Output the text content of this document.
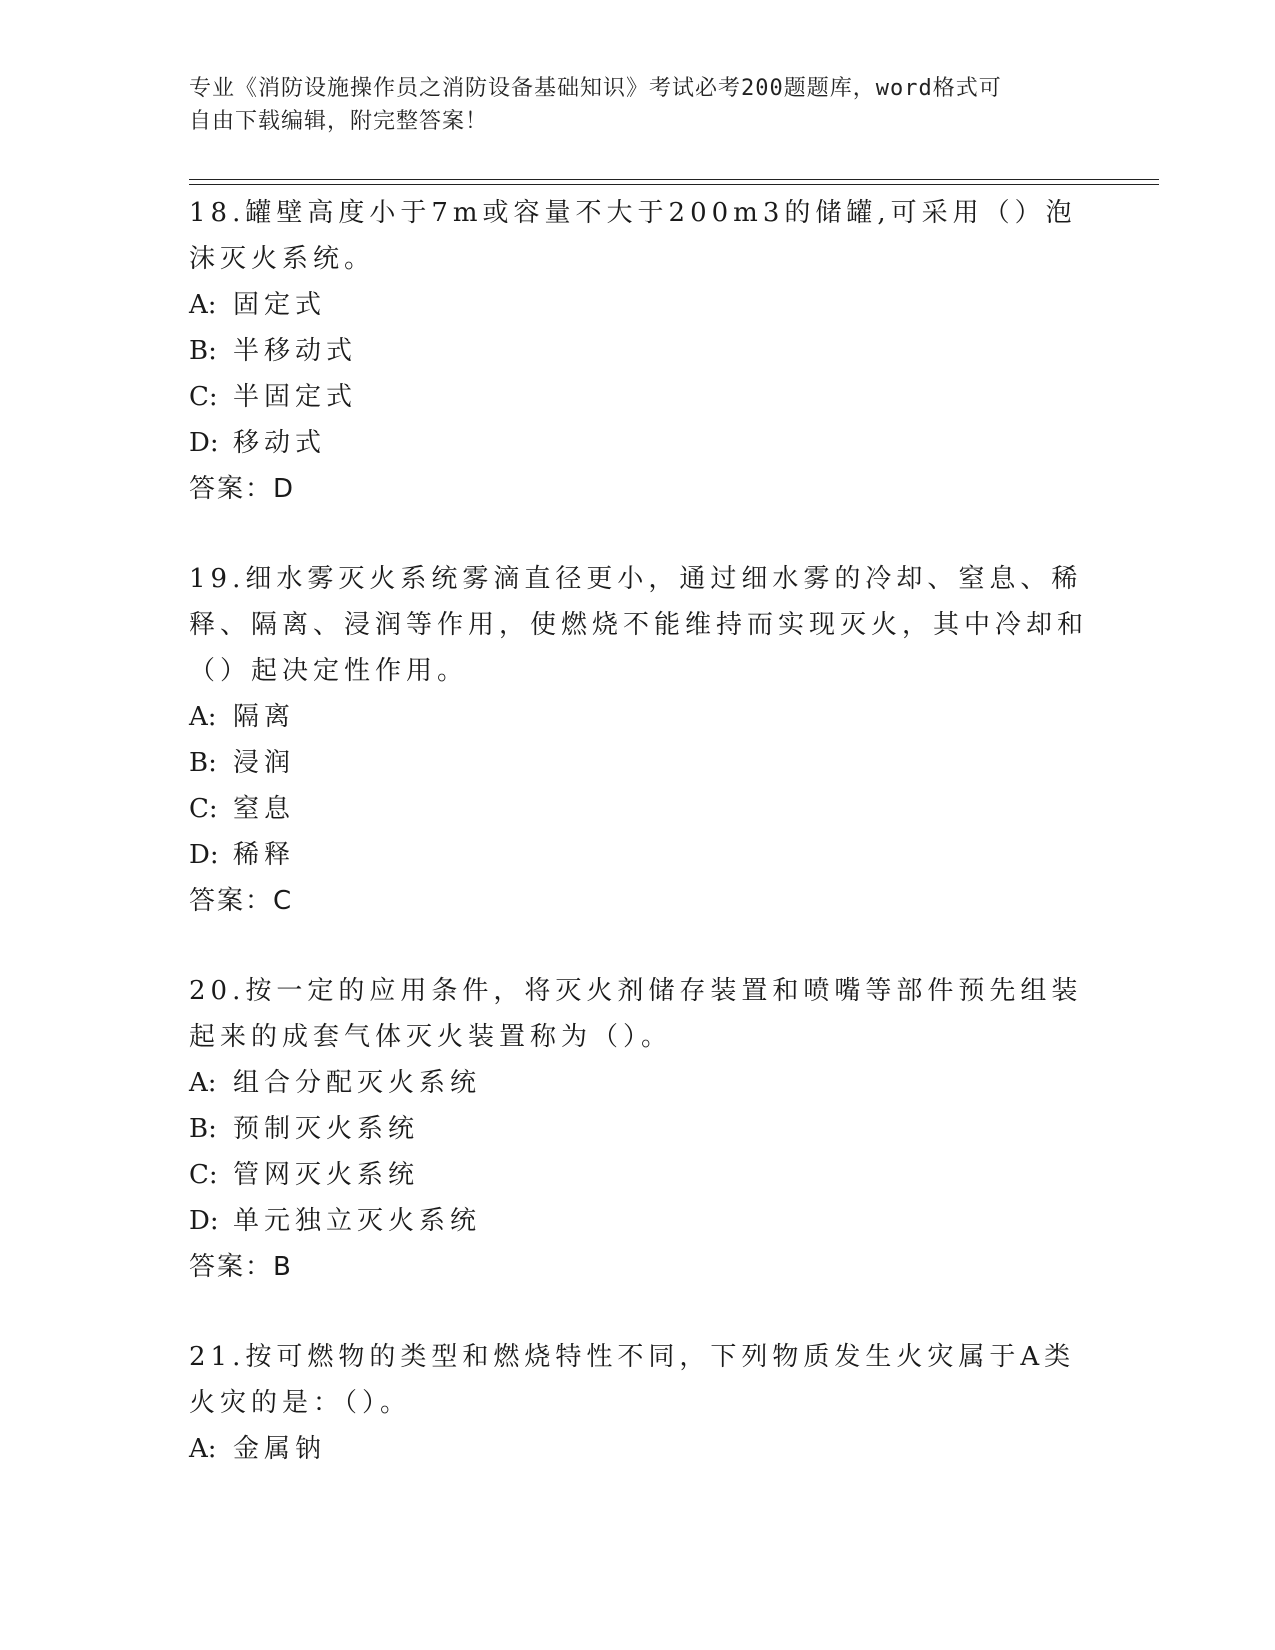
专业《消防设施操作员之消防设备基础知识》考试必考200题题库，word格式可
自由下载编辑，附完整答案！

18.罐壁高度小于7m或容量不大于200m3的储罐,可采用（）泡沫灭火系统。

A: 固定式

B: 半移动式

C: 半固定式

D: 移动式

答案：D

19.细水雾灭火系统雾滴直径更小，通过细水雾的冷却、窒息、稀释、隔离、浸润等作用，使燃烧不能维持而实现灭火，其中冷却和（）起决定性作用。

A: 隔离

B: 浸润

C: 窒息

D: 稀释

答案：C

20.按一定的应用条件，将灭火剂储存装置和喷嘴等部件预先组装起来的成套气体灭火装置称为（）。

A: 组合分配灭火系统

B: 预制灭火系统

C: 管网灭火系统

D: 单元独立灭火系统

答案：B

21.按可燃物的类型和燃烧特性不同，下列物质发生火灾属于A类火灾的是：（）。

A: 金属钠
